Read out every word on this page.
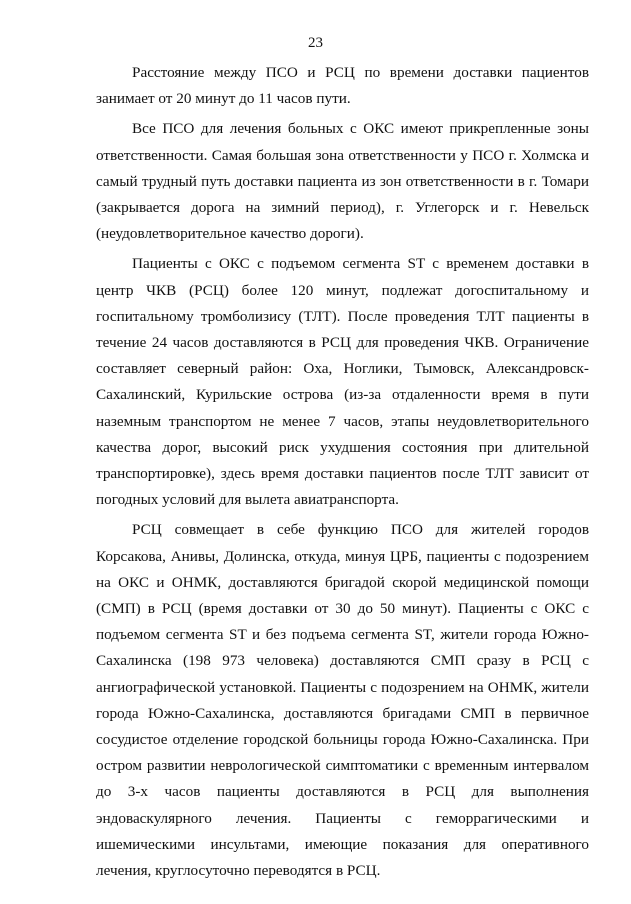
23

Расстояние между ПСО и РСЦ по времени доставки пациентов занимает от 20 минут до 11 часов пути.

Все ПСО для лечения больных с ОКС имеют прикрепленные зоны ответственности. Самая большая зона ответственности у ПСО г. Холмска и самый трудный путь доставки пациента из зон ответственности в г. Томари (закрывается дорога на зимний период), г. Углегорск и г. Невельск (неудовлетворительное качество дороги).

Пациенты с ОКС с подъемом сегмента ST с временем доставки в центр ЧКВ (РСЦ) более 120 минут, подлежат догоспитальному и госпитальному тромболизису (ТЛТ). После проведения ТЛТ пациенты в течение 24 часов доставляются в РСЦ для проведения ЧКВ. Ограничение составляет северный район: Оха, Ноглики, Тымовск, Александровск-Сахалинский, Курильские острова (из-за отдаленности время в пути наземным транспортом не менее 7 часов, этапы неудовлетворительного качества дорог, высокий риск ухудшения состояния при длительной транспортировке), здесь время доставки пациентов после ТЛТ зависит от погодных условий для вылета авиатранспорта.

РСЦ совмещает в себе функцию ПСО для жителей городов Корсакова, Анивы, Долинска, откуда, минуя ЦРБ, пациенты с подозрением на ОКС и ОНМК, доставляются бригадой скорой медицинской помощи (СМП) в РСЦ (время доставки от 30 до 50 минут). Пациенты с ОКС с подъемом сегмента ST и без подъема сегмента ST, жители города Южно-Сахалинска (198 973 человека) доставляются СМП сразу в РСЦ с ангиографической установкой. Пациенты с подозрением на ОНМК, жители города Южно-Сахалинска, доставляются бригадами СМП в первичное сосудистое отделение городской больницы города Южно-Сахалинска. При остром развитии неврологической симптоматики с временным интервалом до 3-х часов пациенты доставляются в РСЦ для выполнения эндоваскулярного лечения. Пациенты с геморрагическими и ишемическими инсультами, имеющие показания для оперативного лечения, круглосуточно переводятся в РСЦ.
